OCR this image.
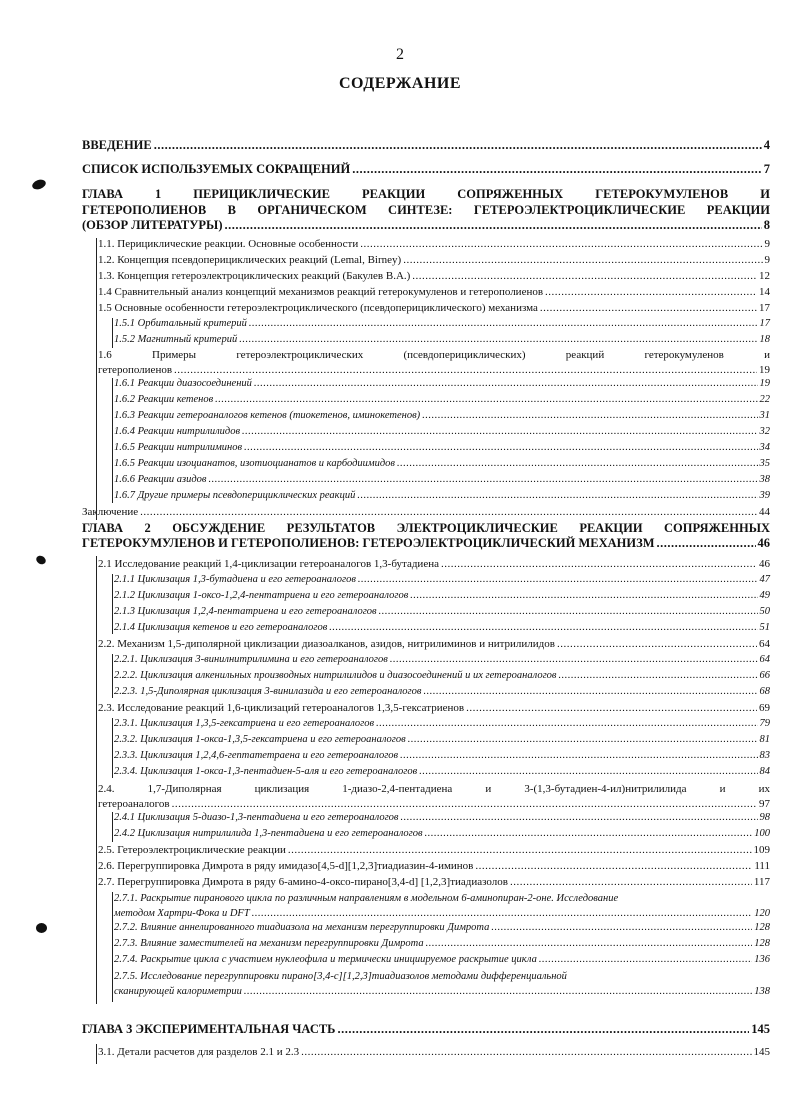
2
СОДЕРЖАНИЕ
ВВЕДЕНИЕ .....	4
СПИСОК ИСПОЛЬЗУЕМЫХ СОКРАЩЕНИЙ .....	7
ГЛАВА 1 ПЕРИЦИКЛИЧЕСКИЕ РЕАКЦИИ СОПРЯЖЕННЫХ ГЕТЕРОКУМУЛЕНОВ И
ГЕТЕРОПОЛИЕНОВ В ОРГАНИЧЕСКОМ СИНТЕЗЕ: ГЕТЕРОЭЛЕКТРОЦИКЛИЧЕСКИЕ РЕАКЦИИ
(ОБЗОР ЛИТЕРАТУРЫ) .....	8
1.1. Перициклические реакции. Основные особенности .....	9
1.2. Концепция псевдоперициклических реакций (Lemal, Birney) .....	9
1.3. Концепция гетероэлектроциклических реакций (Бакулев В.А.) .....	12
1.4 Сравнительный анализ концепций механизмов реакций гетерокумуленов и гетерополиенов .....	14
1.5 Основные особенности гетероэлектроциклического (псевдоперициклического) механизма .....	17
1.5.1 Орбитальный критерий .....	17
1.5.2 Магнитный критерий .....	18
1.6 Примеры гетероэлектроциклических (псевдоперициклических) реакций гетерокумуленов и
гетерополиенов .....	19
1.6.1 Реакции диазосоединений .....	19
1.6.2 Реакции кетенов .....	22
1.6.3 Реакции гетероаналогов кетенов (тиокетенов, иминокетенов) .....	31
1.6.4 Реакции нитрилилидов .....	32
1.6.5 Реакции нитрилиминов .....	34
1.6.5 Реакции изоцианатов, изотиоцианатов и карбодиимидов .....	35
1.6.6 Реакции азидов .....	38
1.6.7 Другие примеры псевдоперициклических реакций .....	39
Заключение .....	44
ГЛАВА 2 ОБСУЖДЕНИЕ РЕЗУЛЬТАТОВ ЭЛЕКТРОЦИКЛИЧЕСКИЕ РЕАКЦИИ СОПРЯЖЕННЫХ
ГЕТЕРОКУМУЛЕНОВ И ГЕТЕРОПОЛИЕНОВ: ГЕТЕРОЭЛЕКТРОЦИКЛИЧЕСКИЙ МЕХАНИЗМ .....	46
2.1 Исследование реакций 1,4-циклизации гетероаналогов 1,3-бутадиена .....	46
2.1.1 Циклизация 1,3-бутадиена и его гетероаналогов .....	47
2.1.2 Циклизация 1-оксо-1,2,4-пентатриена и его гетероаналогов .....	49
2.1.3 Циклизация 1,2,4-пентатриена и его гетероаналогов .....	50
2.1.4 Циклизация кетенов и его гетероаналогов .....	51
2.2. Механизм 1,5-диполярной циклизации диазоалканов, азидов, нитрилиминов и нитрилилидов .....	64
2.2.1. Циклизация 3-винилнитрилимина и его гетероаналогов .....	64
2.2.2. Циклизация алкенильных производных нитрилилидов и диазосоединений и их гетероаналогов .....	66
2.2.3. 1,5-Диполярная циклизация 3-винилазида и его гетероаналогов .....	68
2.3. Исследование реакций 1,6-циклизаций гетероаналогов 1,3,5-гексатриенов .....	69
2.3.1. Циклизация 1,3,5-гексатриена и его гетероаналогов .....	79
2.3.2. Циклизация 1-окса-1,3,5-гексатриена и его гетероаналогов .....	81
2.3.3. Циклизация 1,2,4,6-гептатетраена и его гетероаналогов .....	83
2.3.4. Циклизация 1-окса-1,3-пентадиен-5-аля и его гетероаналогов .....	84
2.4. 1,7-Диполярная циклизация 1-диазо-2,4-пентадиена и 3-(1,3-бутадиен-4-ил)нитрилилида и их
гетероаналогов .....	97
2.4.1 Циклизация 5-диазо-1,3-пентадиена и его гетероаналогов .....	98
2.4.2 Циклизация нитрилилида 1,3-пентадиена и его гетероаналогов .....	100
2.5. Гетероэлектроциклические реакции .....	109
2.6. Перегруппировка Димрота в ряду имидазо[4,5-d][1,2,3]тиадиазин-4-иминов .....	111
2.7. Перегруппировка Димрота в ряду 6-амино-4-оксо-пирано[3,4-d] [1,2,3]тиадиазолов .....	117
2.7.1. Раскрытие пиранового цикла по различным направлениям в модельном 6-аминопиран-2-оне. Исследование
методом Хартри-Фока и DFT .....	120
2.7.2. Влияние аннелированного тиадиазола на механизм перегруппировки Димрота .....	128
2.7.3. Влияние заместителей на механизм перегруппировки Димрота .....	128
2.7.4. Раскрытие цикла с участием нуклеофила и термически инициируемое раскрытие цикла .....	136
2.7.5. Исследование перегруппировки пирано[3,4-c][1,2,3]тиадиазолов методами дифференциальной
сканирующей калориметрии .....	138
ГЛАВА 3 ЭКСПЕРИМЕНТАЛЬНАЯ ЧАСТЬ .....	145
3.1. Детали расчетов для разделов 2.1 и 2.3 .....	145
